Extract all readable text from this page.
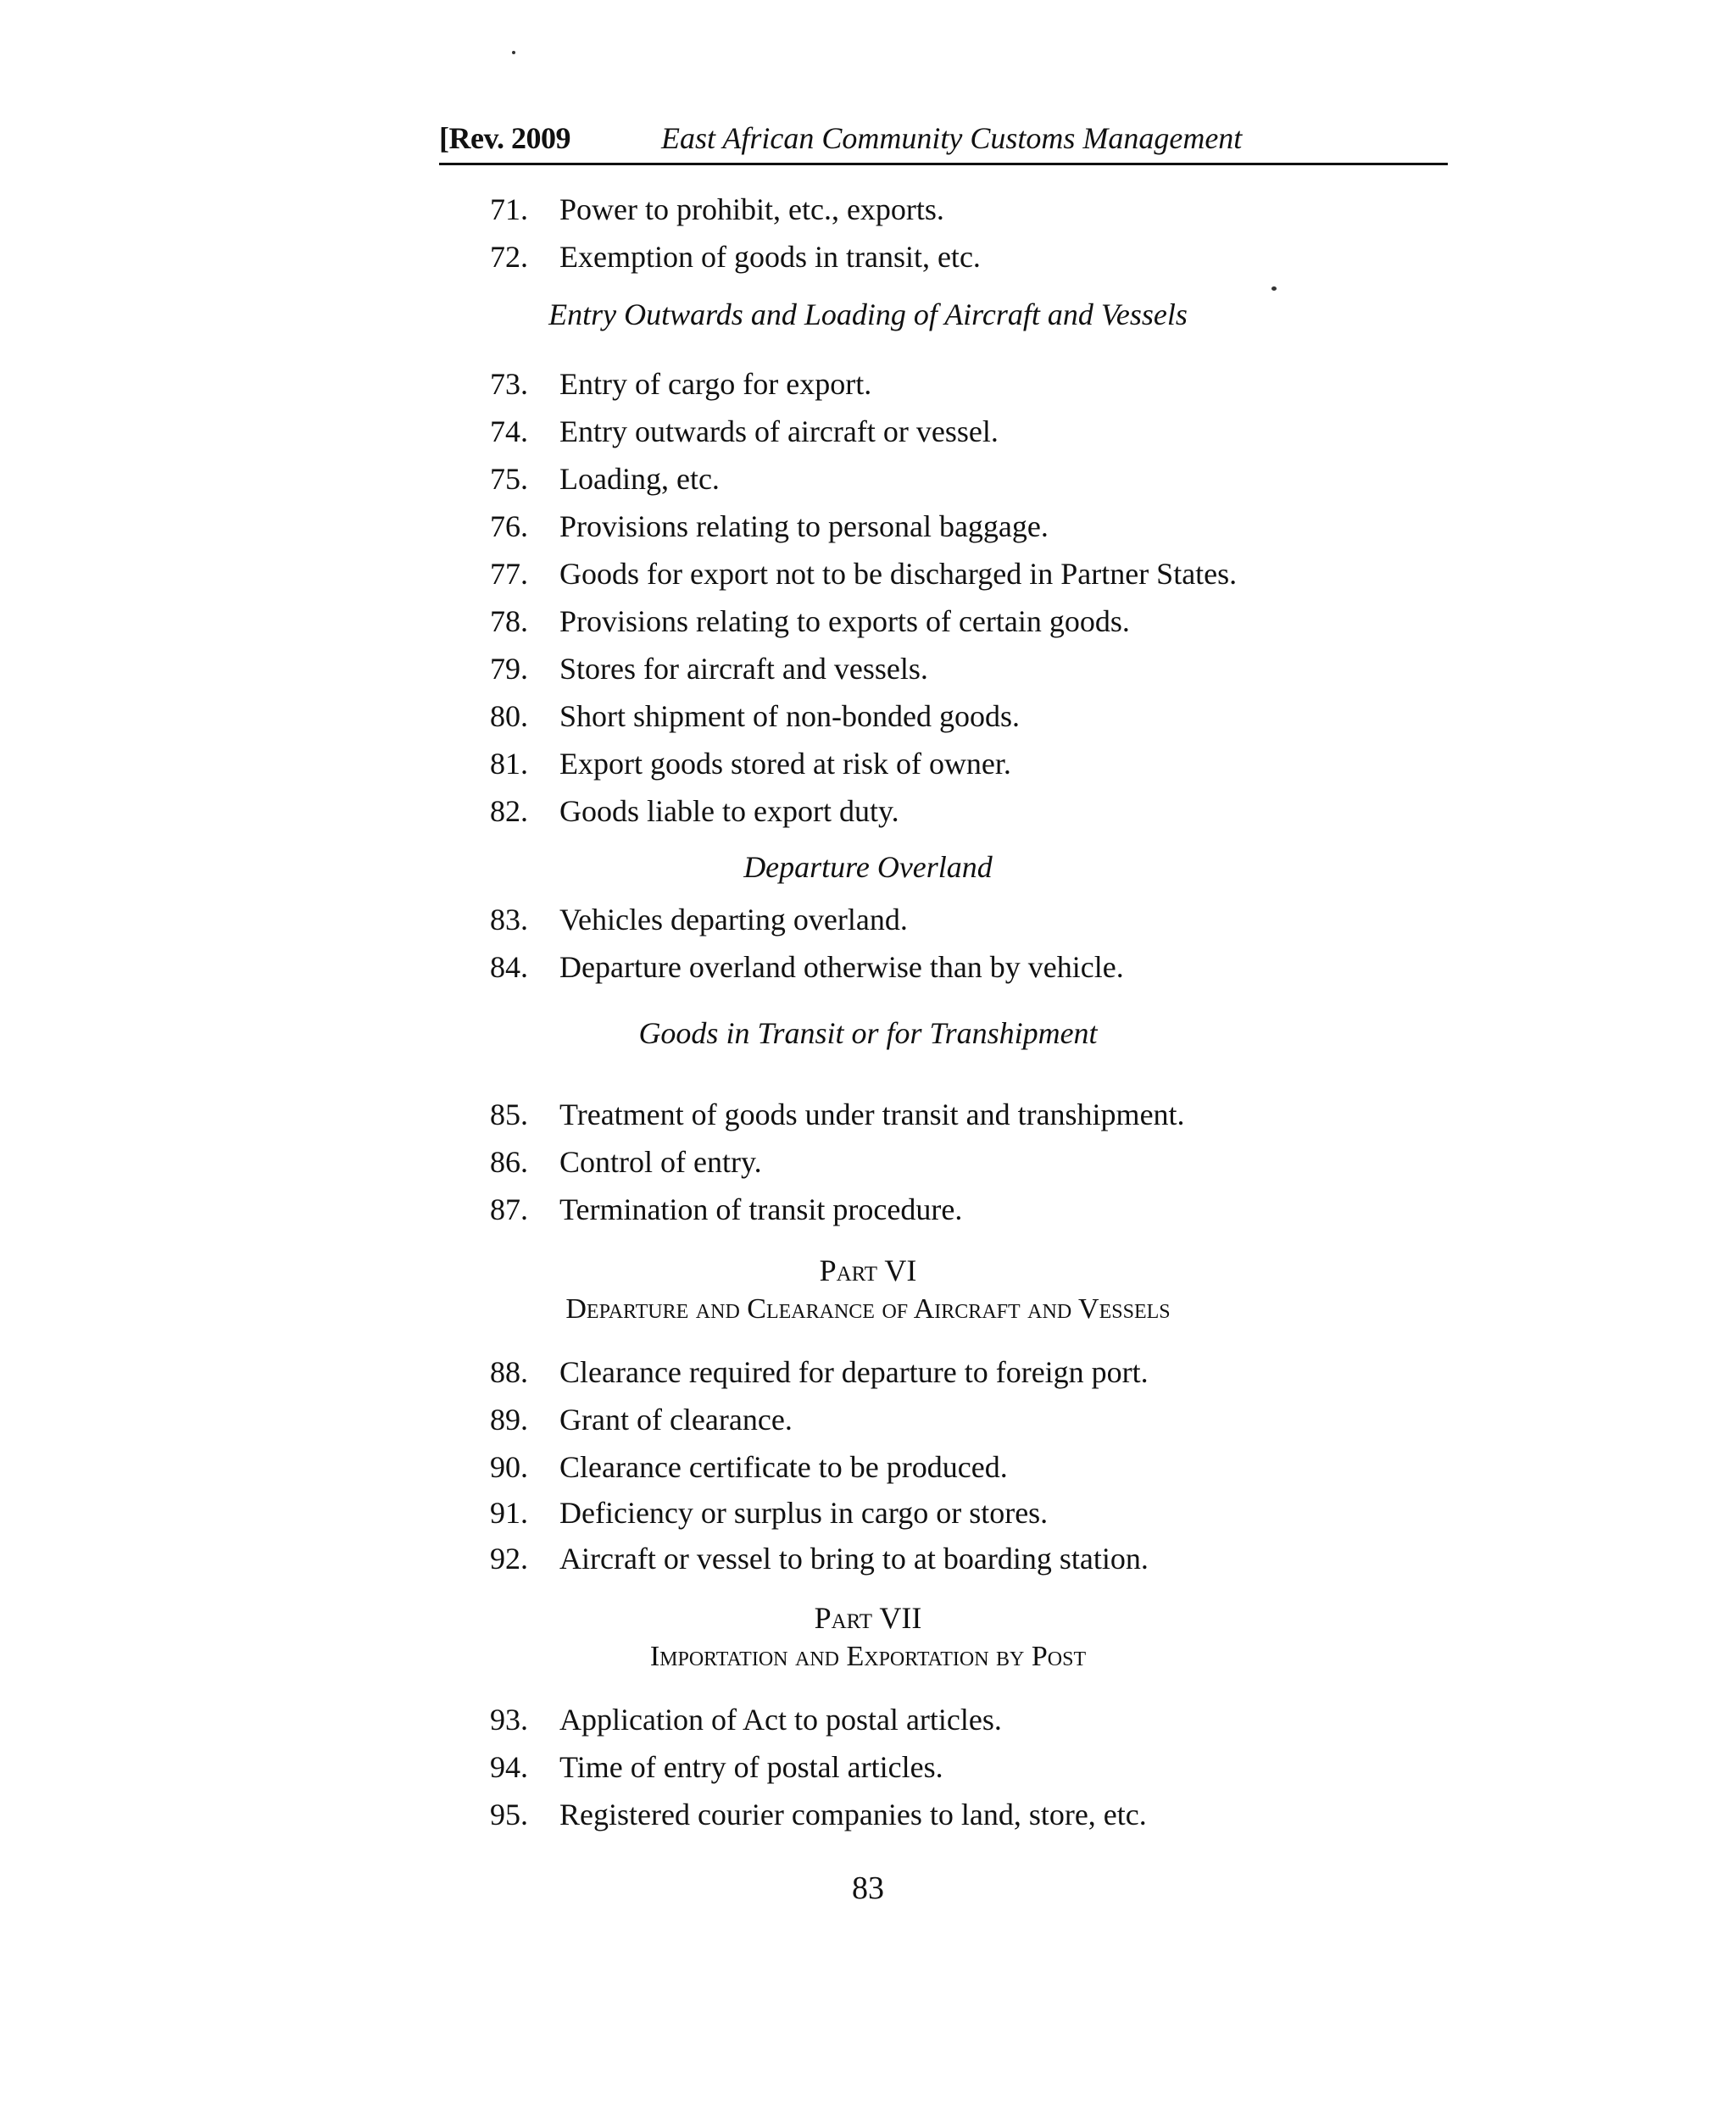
[Rev. 2009	East African Community Customs Management
71. Power to prohibit, etc., exports.
72. Exemption of goods in transit, etc.
Entry Outwards and Loading of Aircraft and Vessels
73. Entry of cargo for export.
74. Entry outwards of aircraft or vessel.
75. Loading, etc.
76. Provisions relating to personal baggage.
77. Goods for export not to be discharged in Partner States.
78. Provisions relating to exports of certain goods.
79. Stores for aircraft and vessels.
80. Short shipment of non-bonded goods.
81. Export goods stored at risk of owner.
82. Goods liable to export duty.
Departure Overland
83. Vehicles departing overland.
84. Departure overland otherwise than by vehicle.
Goods in Transit or for Transhipment
85. Treatment of goods under transit and transhipment.
86. Control of entry.
87. Termination of transit procedure.
Part VI
Departure and Clearance of Aircraft and Vessels
88. Clearance required for departure to foreign port.
89. Grant of clearance.
90. Clearance certificate to be produced.
91. Deficiency or surplus in cargo or stores.
92. Aircraft or vessel to bring to at boarding station.
Part VII
Importation and Exportation by Post
93. Application of Act to postal articles.
94. Time of entry of postal articles.
95. Registered courier companies to land, store, etc.
83
